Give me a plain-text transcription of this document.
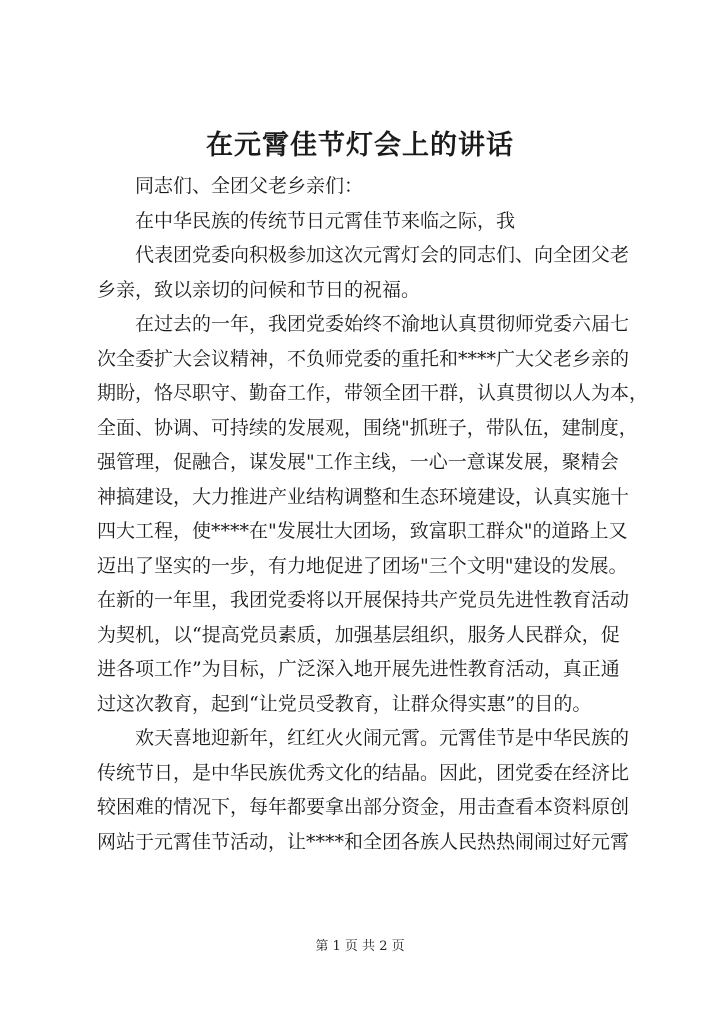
在元霄佳节灯会上的讲话
同志们、全团父老乡亲们：
在中华民族的传统节日元霄佳节来临之际，我
代表团党委向积极参加这次元霄灯会的同志们、向全团父老
乡亲，致以亲切的问候和节日的祝福。
在过去的一年，我团党委始终不渝地认真贯彻师党委六届七
次全委扩大会议精神，不负师党委的重托和****广大父老乡亲的
期盼，恪尽职守、勤奋工作，带领全团干群，认真贯彻以人为本，
全面、协调、可持续的发展观，围绕"抓班子，带队伍，建制度，
强管理，促融合，谋发展"工作主线，一心一意谋发展，聚精会
神搞建设，大力推进产业结构调整和生态环境建设，认真实施十
四大工程，使****在"发展壮大团场，致富职工群众"的道路上又
迈出了坚实的一步，有力地促进了团场"三个文明"建设的发展。
在新的一年里，我团党委将以开展保持共产党员先进性教育活动
为契机，以“提高党员素质，加强基层组织，服务人民群众，促
进各项工作”为目标，广泛深入地开展先进性教育活动，真正通
过这次教育，起到“让党员受教育，让群众得实惠”的目的。
欢天喜地迎新年，红红火火闹元霄。元霄佳节是中华民族的
传统节日，是中华民族优秀文化的结晶。因此，团党委在经济比
较困难的情况下，每年都要拿出部分资金，用击查看本资料原创
网站于元霄佳节活动，让****和全团各族人民热热闹闹过好元霄
第 1 页 共 2 页
